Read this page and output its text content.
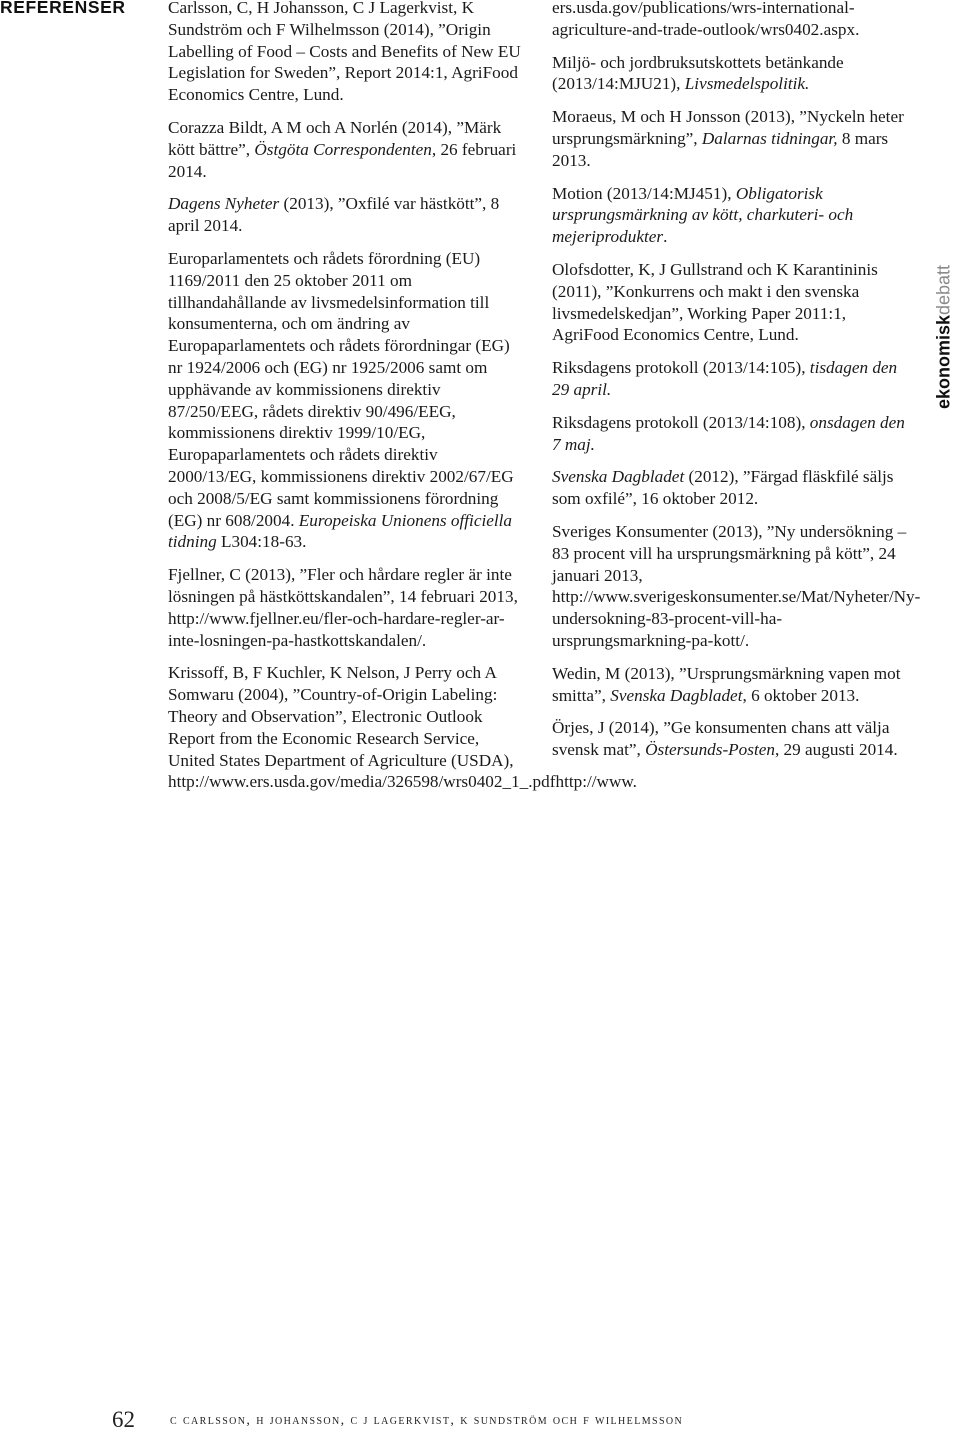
REFERENSER Carlsson, C, H Johansson, C J Lagerkvist, K Sundström och F Wilhelmsson (2014), ”Origin Labelling of Food – Costs and Benefits of New EU Legislation for Sweden”, Report 2014:1, AgriFood Economics Centre, Lund.

Corazza Bildt, A M och A Norlén (2014), ”Märk kött bättre”, Östgöta Correspondenten, 26 februari 2014.

Dagens Nyheter (2013), ”Oxfilé var hästkött”, 8 april 2014.

Europarlamentets och rådets förordning (EU) 1169/2011 den 25 oktober 2011 om tillhandahållande av livsmedelsinformation till konsumenterna, och om ändring av Europaparlamentets och rådets förordningar (EG) nr 1924/2006 och (EG) nr 1925/2006 samt om upphävande av kommissionens direktiv 87/250/EEG, rådets direktiv 90/496/EEG, kommissionens direktiv 1999/10/EG, Europaparlamentets och rådets direktiv 2000/13/EG, kommissionens direktiv 2002/67/EG och 2008/5/EG samt kommissionens förordning (EG) nr 608/2004. Europeiska Unionens officiella tidning L304:18-63.

Fjellner, C (2013), ”Fler och hårdare regler är inte lösningen på hästköttskandalen”, 14 februari 2013, http://www.fjellner.eu/fler-och-hardare-regler-ar-inte-losningen-pa-hastkottskandalen/.

Krissoff, B, F Kuchler, K Nelson, J Perry och A Somwaru (2004), ”Country-of-Origin Labeling: Theory and Observation”, Electronic Outlook Report from the Economic Research Service, United States Department of Agriculture (USDA), http://www.ers.usda.gov/media/326598/wrs0402_1_.pdfhttp://www.

ers.usda.gov/publications/wrs-international-agriculture-and-trade-outlook/wrs0402.aspx.

Miljö- och jordbruksutskottets betänkande (2013/14:MJU21), Livsmedelspolitik.

Moraeus, M och H Jonsson (2013), ”Nyckeln heter ursprungsmärkning”, Dalarnas tidningar, 8 mars 2013.

Motion (2013/14:MJ451), Obligatorisk ursprungsmärkning av kött, charkuteri- och mejeriprodukter.

Olofsdotter, K, J Gullstrand och K Karantininis (2011), ”Konkurrens och makt i den svenska livsmedelskedjan”, Working Paper 2011:1, AgriFood Economics Centre, Lund.

Riksdagens protokoll (2013/14:105), tisdagen den 29 april.

Riksdagens protokoll (2013/14:108), onsdagen den 7 maj.

Svenska Dagbladet (2012), ”Färgad fläskfilé säljs som oxfilé”, 16 oktober 2012.

Sveriges Konsumenter (2013), ”Ny undersökning – 83 procent vill ha ursprungsmärkning på kött”, 24 januari 2013, http://www.sverigeskonsumenter.se/Mat/Nyheter/Ny-undersokning-83-procent-vill-ha-ursprungsmarkning-pa-kott/.

Wedin, M (2013), ”Ursprungsmärkning vapen mot smitta”, Svenska Dagbladet, 6 oktober 2013.

Örjes, J (2014), ”Ge konsumenten chans att välja svensk mat”, Östersunds-Posten, 29 augusti 2014.

ekonomiskdebatt
62	c carlsson, h johansson, c j lagerkvist, k sundström och f wilhelmsson
